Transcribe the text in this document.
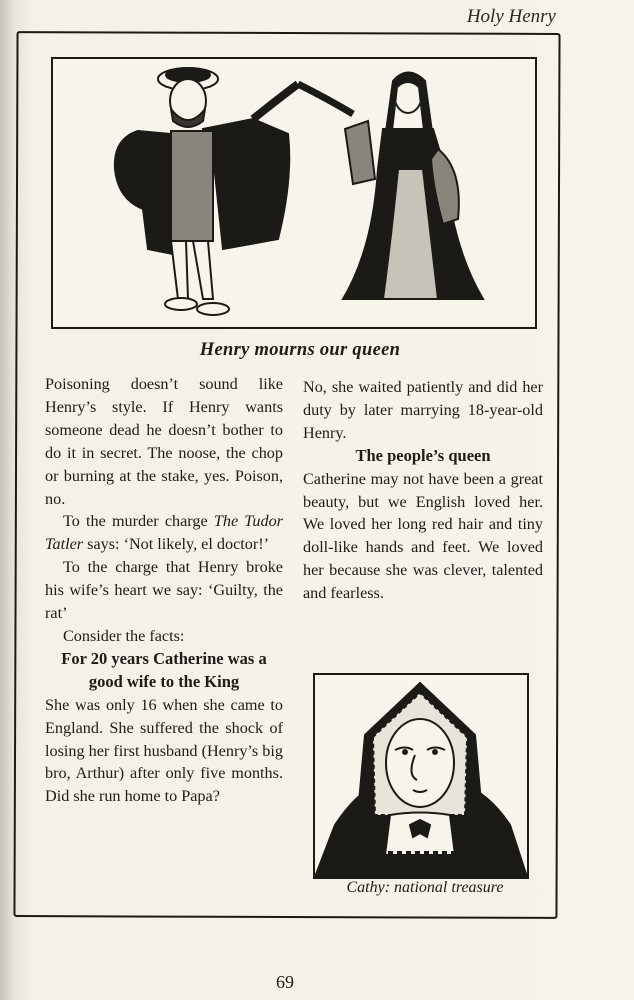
Holy Henry
Henry mourns our queen

Poisoning doesn’t sound like Henry’s style. If Henry wants someone dead he doesn’t bother to do it in secret. The noose, the chop or burning at the stake, yes. Poison, no.

To the murder charge The Tudor Tatler says: ‘Not likely, el doctor!’

To the charge that Henry broke his wife’s heart we say: ‘Guilty, the rat’

Consider the facts:

For 20 years Catherine was a good wife to the King

She was only 16 when she came to England. She suffered the shock of losing her first husband (Henry’s big bro, Arthur) after only five months. Did she run home to Papa?

No, she waited patiently and did her duty by later marrying 18-year-old Henry.

The people’s queen

Catherine may not have been a great beauty, but we English loved her. We loved her long red hair and tiny doll-like hands and feet. We loved her because she was clever, talented and fearless.

Cathy: national treasure
69
